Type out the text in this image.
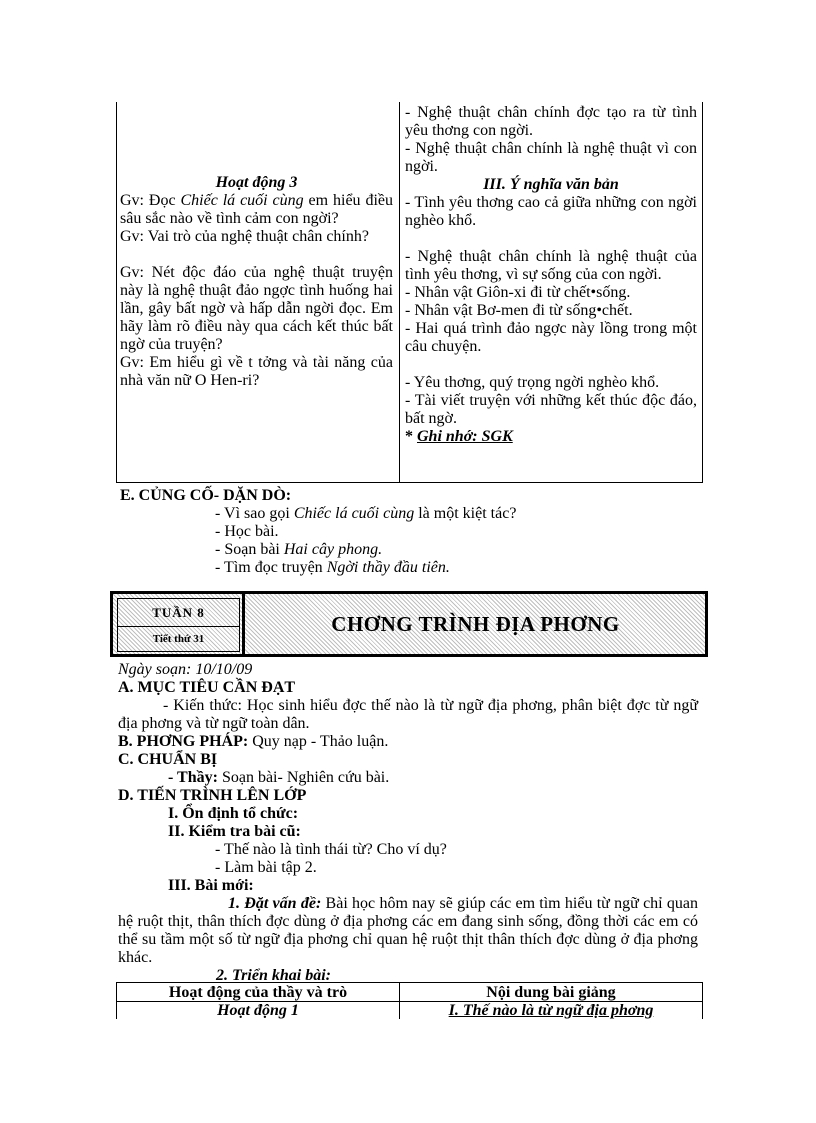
Hoạt động 3
Gv: Đọc Chiếc lá cuối cùng em hiểu điều sâu sắc nào về tình cảm con ngời?
Gv: Vai trò của nghệ thuật chân chính?
Gv: Nét độc đáo của nghệ thuật truyện này là nghệ thuật đảo ngợc tình huống hai lần, gây bất ngờ và hấp dẫn ngời đọc. Em hãy làm rõ điều này qua cách kết thúc bất ngờ của truyện?
Gv: Em hiểu gì về t tởng và tài năng của nhà văn nữ O Hen-ri?
- Nghệ thuật chân chính đợc tạo ra từ tình yêu thơng con ngời.
- Nghệ thuật chân chính là nghệ thuật vì con ngời.
III. Ý nghĩa văn bản
- Tình yêu thơng cao cả giữa những con ngời nghèo khổ.
- Nghệ thuật chân chính là nghệ thuật của tình yêu thơng, vì sự sống của con ngời.
- Nhân vật Giôn-xi đi từ chết•sống.
- Nhân vật Bơ-men đi từ sống•chết.
- Hai quá trình đảo ngợc này lồng trong một câu chuyện.
- Yêu thơng, quý trọng ngời nghèo khổ.
- Tài viết truyện với những kết thúc độc đáo, bất ngờ.
* Ghi nhớ: SGK
E. CỦNG CỐ- DẶN DÒ:
- Vì sao gọi Chiếc lá cuối cùng là một kiệt tác?
- Học bài.
- Soạn bài Hai cây phong.
- Tìm đọc truyện Ngời thầy đầu tiên.
TUẦN 8
Tiết thứ 31
CHƠNG TRÌNH ĐỊA PHƠNG
Ngày soạn: 10/10/09
A. MỤC TIÊU CẦN ĐẠT
- Kiến thức: Học sinh hiểu đợc thế nào là từ ngữ địa phơng, phân biệt đợc từ ngữ địa phơng và từ ngữ toàn dân.
B. PHƠNG PHÁP: Quy nạp - Thảo luận.
C. CHUẨN BỊ
- Thầy: Soạn bài- Nghiên cứu bài.
D. TIẾN TRÌNH LÊN LỚP
I. Ổn định tổ chức:
II. Kiểm tra bài cũ:
- Thế nào là tình thái từ? Cho ví dụ?
- Làm bài tập 2.
III. Bài mới:
1. Đặt vấn đề: Bài học hôm nay sẽ giúp các em tìm hiểu từ ngữ chỉ quan hệ ruột thịt, thân thích đợc dùng ở địa phơng các em đang sinh sống, đồng thời các em có thể su tầm một số từ ngữ địa phơng chỉ quan hệ ruột thịt thân thích đợc dùng ở địa phơng khác.
2. Triển khai bài:
Hoạt động của thầy và trò	Nội dung bài giảng
Hoạt động 1	I. Thế nào là từ ngữ địa phơng
